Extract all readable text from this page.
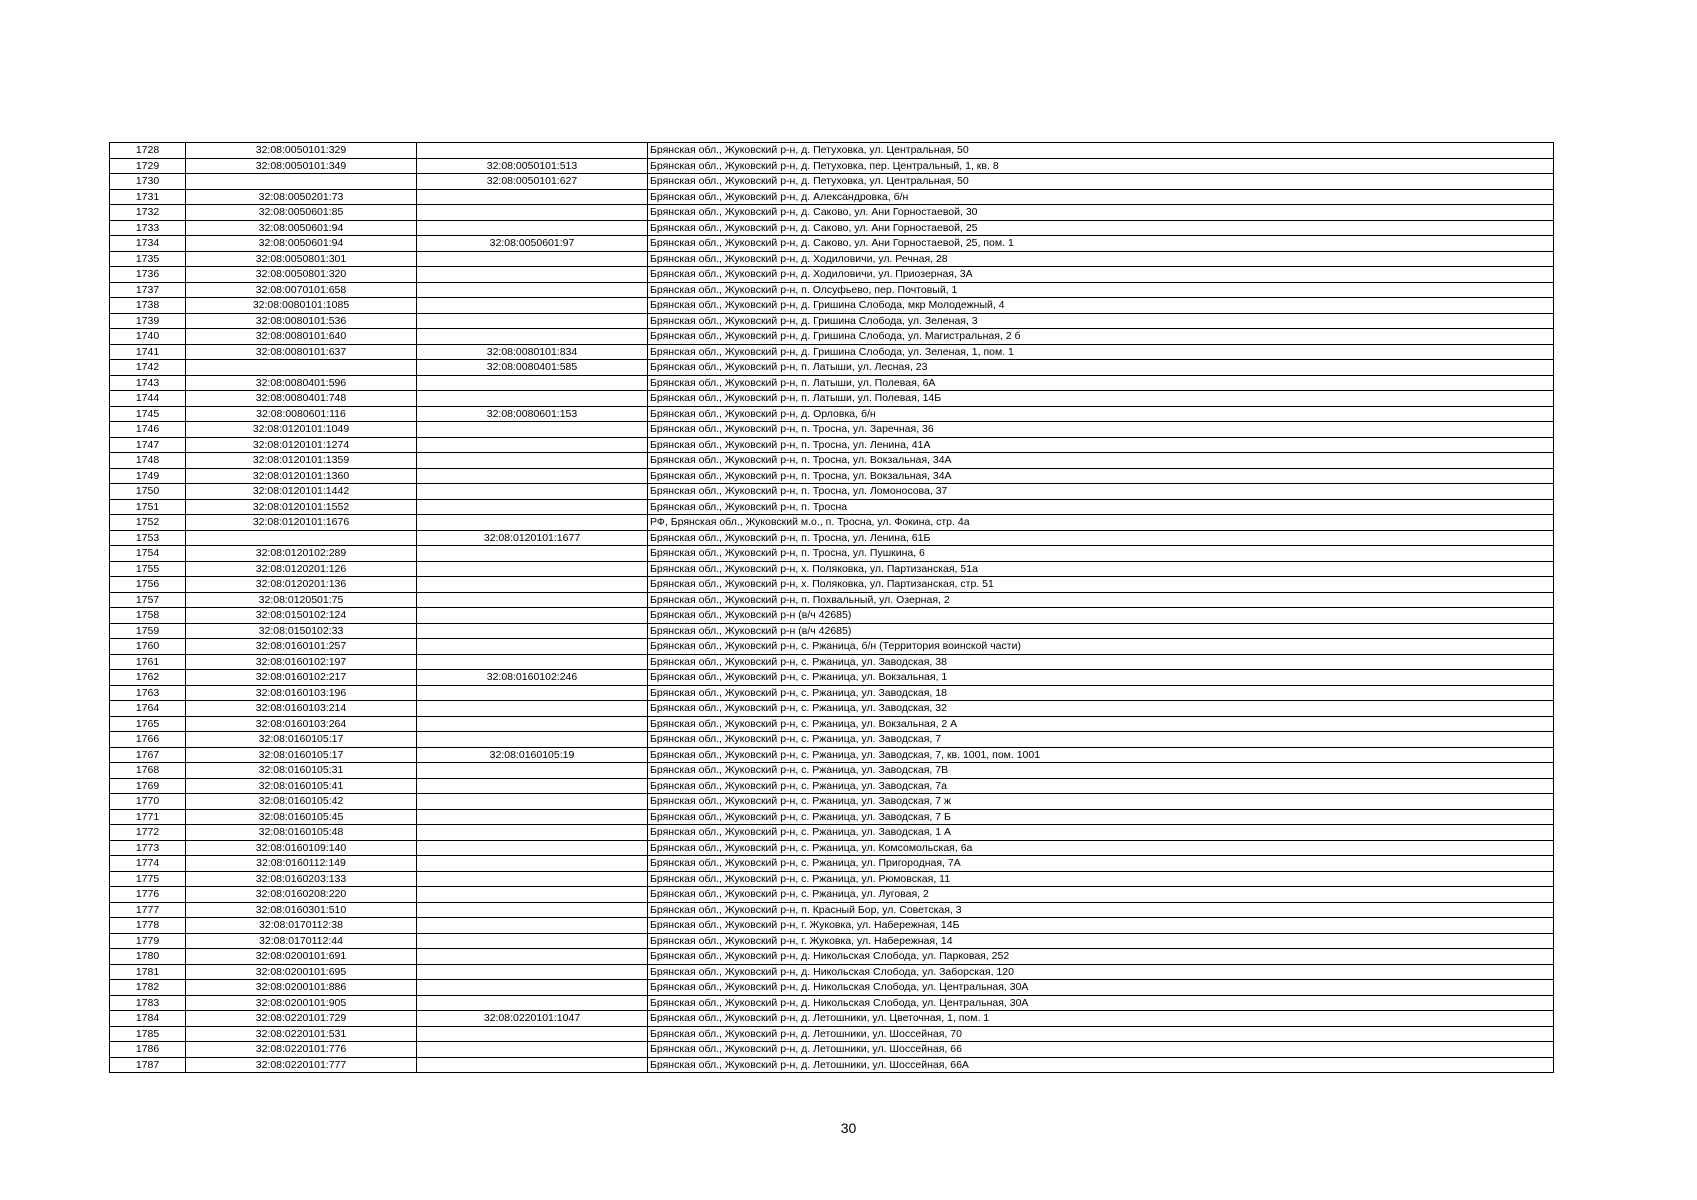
1728	32:08:0050101:329		Брянская обл., Жуковский р-н, д. Петуховка, ул. Центральная, 50
1729	32:08:0050101:349	32:08:0050101:513	Брянская обл., Жуковский р-н, д. Петуховка, пер. Центральный, 1, кв. 8
1730		32:08:0050101:627	Брянская обл., Жуковский р-н, д. Петуховка, ул. Центральная, 50
1731	32:08:0050201:73		Брянская обл., Жуковский р-н, д. Александровка, б/н
1732	32:08:0050601:85		Брянская обл., Жуковский р-н, д. Саково, ул. Ани Горностаевой, 30
1733	32:08:0050601:94		Брянская обл., Жуковский р-н, д. Саково, ул. Ани Горностаевой, 25
1734	32:08:0050601:94	32:08:0050601:97	Брянская обл., Жуковский р-н, д. Саково, ул. Ани Горностаевой, 25, пом. 1
1735	32:08:0050801:301		Брянская обл., Жуковский р-н, д. Ходиловичи, ул. Речная, 28
1736	32:08:0050801:320		Брянская обл., Жуковский р-н, д. Ходиловичи, ул. Приозерная, 3А
1737	32:08:0070101:658		Брянская обл., Жуковский р-н, п. Олсуфьево, пер. Почтовый, 1
1738	32:08:0080101:1085		Брянская обл., Жуковский р-н, д. Гришина Слобода, мкр Молодежный, 4
1739	32:08:0080101:536		Брянская обл., Жуковский р-н, д. Гришина Слобода, ул. Зеленая, 3
1740	32:08:0080101:640		Брянская обл., Жуковский р-н, д. Гришина Слобода, ул. Магистральная, 2 б
1741	32:08:0080101:637	32:08:0080101:834	Брянская обл., Жуковский р-н, д. Гришина Слобода, ул. Зеленая, 1, пом. 1
1742		32:08:0080401:585	Брянская обл., Жуковский р-н, п. Латыши, ул. Лесная, 23
1743	32:08:0080401:596		Брянская обл., Жуковский р-н, п. Латыши, ул. Полевая, 6А
1744	32:08:0080401:748		Брянская обл., Жуковский р-н, п. Латыши, ул. Полевая, 14Б
1745	32:08:0080601:116	32:08:0080601:153	Брянская обл., Жуковский р-н, д. Орловка, б/н
1746	32:08:0120101:1049		Брянская обл., Жуковский р-н, п. Тросна, ул. Заречная, 36
1747	32:08:0120101:1274		Брянская обл., Жуковский р-н, п. Тросна, ул. Ленина, 41А
1748	32:08:0120101:1359		Брянская обл., Жуковский р-н, п. Тросна, ул. Вокзальная, 34А
1749	32:08:0120101:1360		Брянская обл., Жуковский р-н, п. Тросна, ул. Вокзальная, 34А
1750	32:08:0120101:1442		Брянская обл., Жуковский р-н, п. Тросна, ул. Ломоносова, 37
1751	32:08:0120101:1552		Брянская обл., Жуковский р-н, п. Тросна
1752	32:08:0120101:1676		РФ, Брянская обл., Жуковский м.о., п. Тросна, ул. Фокина, стр. 4а
1753		32:08:0120101:1677	Брянская обл., Жуковский р-н, п. Тросна, ул. Ленина, 61Б
1754	32:08:0120102:289		Брянская обл., Жуковский р-н, п. Тросна, ул. Пушкина, 6
1755	32:08:0120201:126		Брянская обл., Жуковский р-н, х. Поляковка, ул. Партизанская, 51а
1756	32:08:0120201:136		Брянская обл., Жуковский р-н, х. Поляковка, ул. Партизанская, стр. 51
1757	32:08:0120501:75		Брянская обл., Жуковский р-н, п. Похвальный, ул. Озерная, 2
1758	32:08:0150102:124		Брянская обл., Жуковский р-н (в/ч 42685)
1759	32:08:0150102:33		Брянская обл., Жуковский р-н (в/ч 42685)
1760	32:08:0160101:257		Брянская обл., Жуковский р-н, с. Ржаница, б/н (Территория воинской части)
1761	32:08:0160102:197		Брянская обл., Жуковский р-н, с. Ржаница, ул. Заводская, 38
1762	32:08:0160102:217	32:08:0160102:246	Брянская обл., Жуковский р-н, с. Ржаница, ул. Вокзальная, 1
1763	32:08:0160103:196		Брянская обл., Жуковский р-н, с. Ржаница, ул. Заводская, 18
1764	32:08:0160103:214		Брянская обл., Жуковский р-н, с. Ржаница, ул. Заводская, 32
1765	32:08:0160103:264		Брянская обл., Жуковский р-н, с. Ржаница, ул. Вокзальная, 2 А
1766	32:08:0160105:17		Брянская обл., Жуковский р-н, с. Ржаница, ул. Заводская, 7
1767	32:08:0160105:17	32:08:0160105:19	Брянская обл., Жуковский р-н, с. Ржаница, ул. Заводская, 7, кв. 1001, пом. 1001
1768	32:08:0160105:31		Брянская обл., Жуковский р-н, с. Ржаница, ул. Заводская, 7В
1769	32:08:0160105:41		Брянская обл., Жуковский р-н, с. Ржаница, ул. Заводская, 7а
1770	32:08:0160105:42		Брянская обл., Жуковский р-н, с. Ржаница, ул. Заводская, 7 ж
1771	32:08:0160105:45		Брянская обл., Жуковский р-н, с. Ржаница, ул. Заводская, 7 Б
1772	32:08:0160105:48		Брянская обл., Жуковский р-н, с. Ржаница, ул. Заводская, 1 А
1773	32:08:0160109:140		Брянская обл., Жуковский р-н, с. Ржаница, ул. Комсомольская, 6а
1774	32:08:0160112:149		Брянская обл., Жуковский р-н, с. Ржаница, ул. Пригородная, 7А
1775	32:08:0160203:133		Брянская обл., Жуковский р-н, с. Ржаница, ул. Рюмовская, 11
1776	32:08:0160208:220		Брянская обл., Жуковский р-н, с. Ржаница, ул. Луговая, 2
1777	32:08:0160301:510		Брянская обл., Жуковский р-н, п. Красный Бор, ул. Советская, 3
1778	32:08:0170112:38		Брянская обл., Жуковский р-н, г. Жуковка, ул. Набережная, 14Б
1779	32:08:0170112:44		Брянская обл., Жуковский р-н, г. Жуковка, ул. Набережная, 14
1780	32:08:0200101:691		Брянская обл., Жуковский р-н, д. Никольская Слобода, ул. Парковая, 252
1781	32:08:0200101:695		Брянская обл., Жуковский р-н, д. Никольская Слобода, ул. Заборская, 120
1782	32:08:0200101:886		Брянская обл., Жуковский р-н, д. Никольская Слобода, ул. Центральная, 30А
1783	32:08:0200101:905		Брянская обл., Жуковский р-н, д. Никольская Слобода, ул. Центральная, 30А
1784	32:08:0220101:729	32:08:0220101:1047	Брянская обл., Жуковский р-н, д. Летошники, ул. Цветочная, 1, пом. 1
1785	32:08:0220101:531		Брянская обл., Жуковский р-н, д. Летошники, ул. Шоссейная, 70
1786	32:08:0220101:776		Брянская обл., Жуковский р-н, д. Летошники, ул. Шоссейная, 66
1787	32:08:0220101:777		Брянская обл., Жуковский р-н, д. Летошники, ул. Шоссейная, 66А
30
